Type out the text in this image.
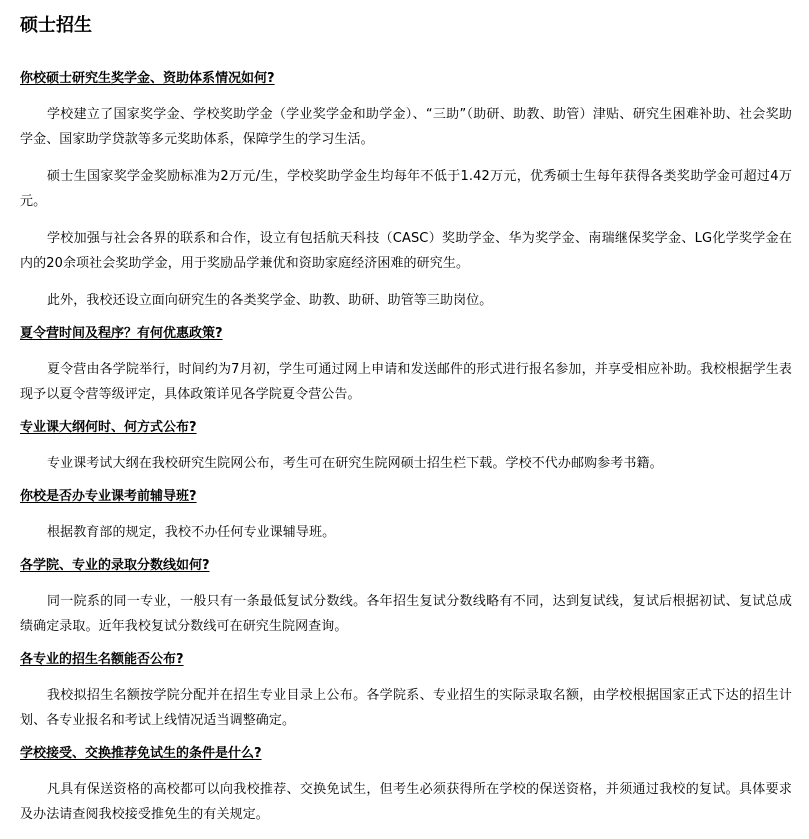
硕士招生

你校硕士研究生奖学金、资助体系情况如何?

学校建立了国家奖学金、学校奖助学金（学业奖学金和助学金）、“三助”（助研、助教、助管）津贴、研究生困难补助、社会奖助学金、国家助学贷款等多元奖助体系，保障学生的学习生活。

硕士生国家奖学金奖励标准为2万元/生，学校奖助学金生均每年不低于1.42万元，优秀硕士生每年获得各类奖助学金可超过4万元。

学校加强与社会各界的联系和合作，设立有包括航天科技（CASC）奖助学金、华为奖学金、南瑞继保奖学金、LG化学奖学金在内的20余项社会奖助学金，用于奖励品学兼优和资助家庭经济困难的研究生。

此外，我校还设立面向研究生的各类奖学金、助教、助研、助管等三助岗位。

夏令营时间及程序？有何优惠政策?

夏令营由各学院举行，时间约为7月初，学生可通过网上申请和发送邮件的形式进行报名参加，并享受相应补助。我校根据学生表现予以夏令营等级评定，具体政策详见各学院夏令营公告。

专业课大纲何时、何方式公布?

专业课考试大纲在我校研究生院网公布，考生可在研究生院网硕士招生栏下载。学校不代办邮购参考书籍。

你校是否办专业课考前辅导班?

根据教育部的规定，我校不办任何专业课辅导班。

各学院、专业的录取分数线如何?

同一院系的同一专业，一般只有一条最低复试分数线。各年招生复试分数线略有不同，达到复试线，复试后根据初试、复试总成绩确定录取。近年我校复试分数线可在研究生院网查询。

各专业的招生名额能否公布?

我校拟招生名额按学院分配并在招生专业目录上公布。各学院系、专业招生的实际录取名额，由学校根据国家正式下达的招生计划、各专业报名和考试上线情况适当调整确定。

学校接受、交换推荐免试生的条件是什么?

凡具有保送资格的高校都可以向我校推荐、交换免试生，但考生必须获得所在学校的保送资格，并须通过我校的复试。具体要求及办法请查阅我校接受推免生的有关规定。
